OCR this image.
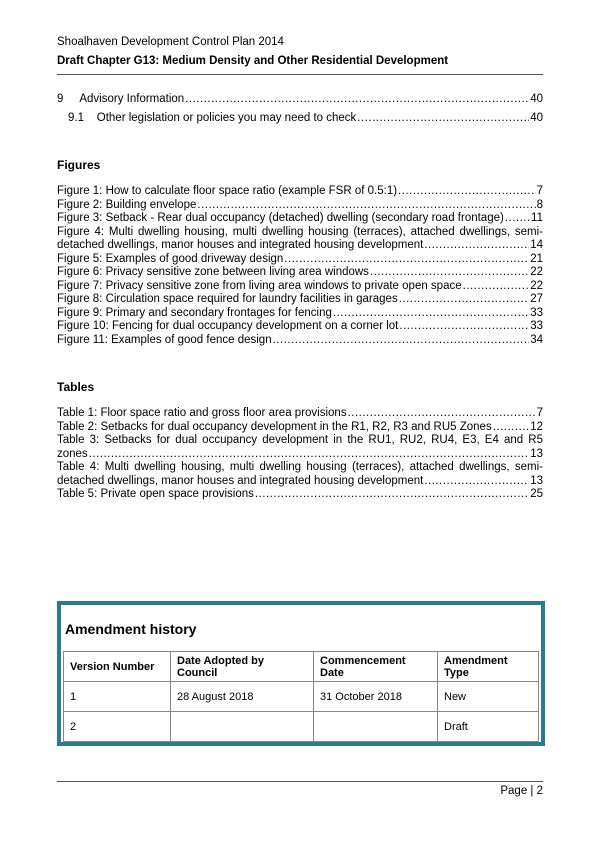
Shoalhaven Development Control Plan 2014
Draft Chapter G13: Medium Density and Other Residential Development
9     Advisory Information .....	40
9.1    Other legislation or policies you may need to check .....	40
Figures
Figure 1: How to calculate floor space ratio (example FSR of 0.5:1) .....	7
Figure 2: Building envelope .....	8
Figure 3: Setback - Rear dual occupancy (detached) dwelling (secondary road frontage) ..... 11
Figure 4: Multi dwelling housing, multi dwelling housing (terraces), attached dwellings, semi-
detached dwellings, manor houses and integrated housing development .....	14
Figure 5: Examples of good driveway design .....	21
Figure 6: Privacy sensitive zone between living area windows .....	22
Figure 7: Privacy sensitive zone from living area windows to private open space .....	22
Figure 8: Circulation space required for laundry facilities in garages .....	27
Figure 9: Primary and secondary frontages for fencing .....	33
Figure 10: Fencing for dual occupancy development on a corner lot .....	33
Figure 11: Examples of good fence design .....	34
Tables
Table 1: Floor space ratio and gross floor area provisions .....	7
Table 2: Setbacks for dual occupancy development in the R1, R2, R3 and RU5 Zones .....	12
Table 3: Setbacks for dual occupancy development in the RU1, RU2, RU4, E3, E4 and R5
zones .....	13
Table 4: Multi dwelling housing, multi dwelling housing (terraces), attached dwellings, semi-
detached dwellings, manor houses and integrated housing development .....	13
Table 5: Private open space provisions .....	25
Amendment history
Version Number	Date Adopted by Council	Commencement Date	Amendment Type
1	28 August 2018	31 October 2018	New
2			Draft
Page | 2
